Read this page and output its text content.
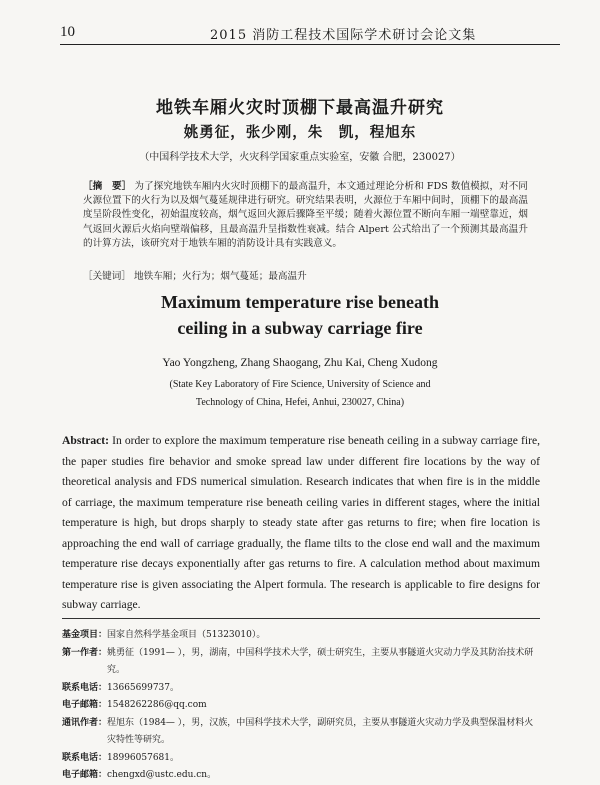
10	2015 消防工程技术国际学术研讨会论文集
地铁车厢火灾时顶棚下最高温升研究
姚勇征，张少刚，朱　凯，程旭东
（中国科学技术大学，火灾科学国家重点实验室，安徽 合肥，230027）
［摘　要］ 为了探究地铁车厢内火灾时顶棚下的最高温升，本文通过理论分析和 FDS 数值模拟，对不同火源位置下的火行为以及烟气蔓延规律进行研究。研究结果表明，火源位于车厢中间时，顶棚下的最高温度呈阶段性变化，初始温度较高，烟气返回火源后骤降至平缓；随着火源位置不断向车厢一端壁靠近，烟气返回火源后火焰向壁端偏移，且最高温升呈指数性衰减。结合 Alpert 公式给出了一个预测其最高温升的计算方法，该研究对于地铁车厢的消防设计具有实践意义。
［关键词］ 地铁车厢；火行为；烟气蔓延；最高温升
Maximum temperature rise beneath
ceiling in a subway carriage fire
Yao Yongzheng, Zhang Shaogang, Zhu Kai, Cheng Xudong
(State Key Laboratory of Fire Science, University of Science and
Technology of China, Hefei, Anhui, 230027, China)
Abstract: In order to explore the maximum temperature rise beneath ceiling in a subway carriage fire, the paper studies fire behavior and smoke spread law under different fire locations by the way of theoretical analysis and FDS numerical simulation. Research indicates that when fire is in the middle of carriage, the maximum temperature rise beneath ceiling varies in different stages, where the initial temperature is high, but drops sharply to steady state after gas returns to fire; when fire location is approaching the end wall of carriage gradually, the flame tilts to the close end wall and the maximum temperature rise decays exponentially after gas returns to fire. A calculation method about maximum temperature rise is given associating the Alpert formula. The research is applicable to fire designs for subway carriage.
基金项目： 国家自然科学基金项目（51323010）。
第一作者： 姚勇征（1991— ），男，湖南，中国科学技术大学，硕士研究生，主要从事隧道火灾动力学及其防治技术研究。
联系电话： 13665699737。
电子邮箱： 1548262286@qq.com
通讯作者： 程旭东（1984— ），男，汉族，中国科学技术大学，副研究员，主要从事隧道火灾动力学及典型保温材料火灾特性等研究。
联系电话： 18996057681。
电子邮箱： chengxd@ustc.edu.cn。
